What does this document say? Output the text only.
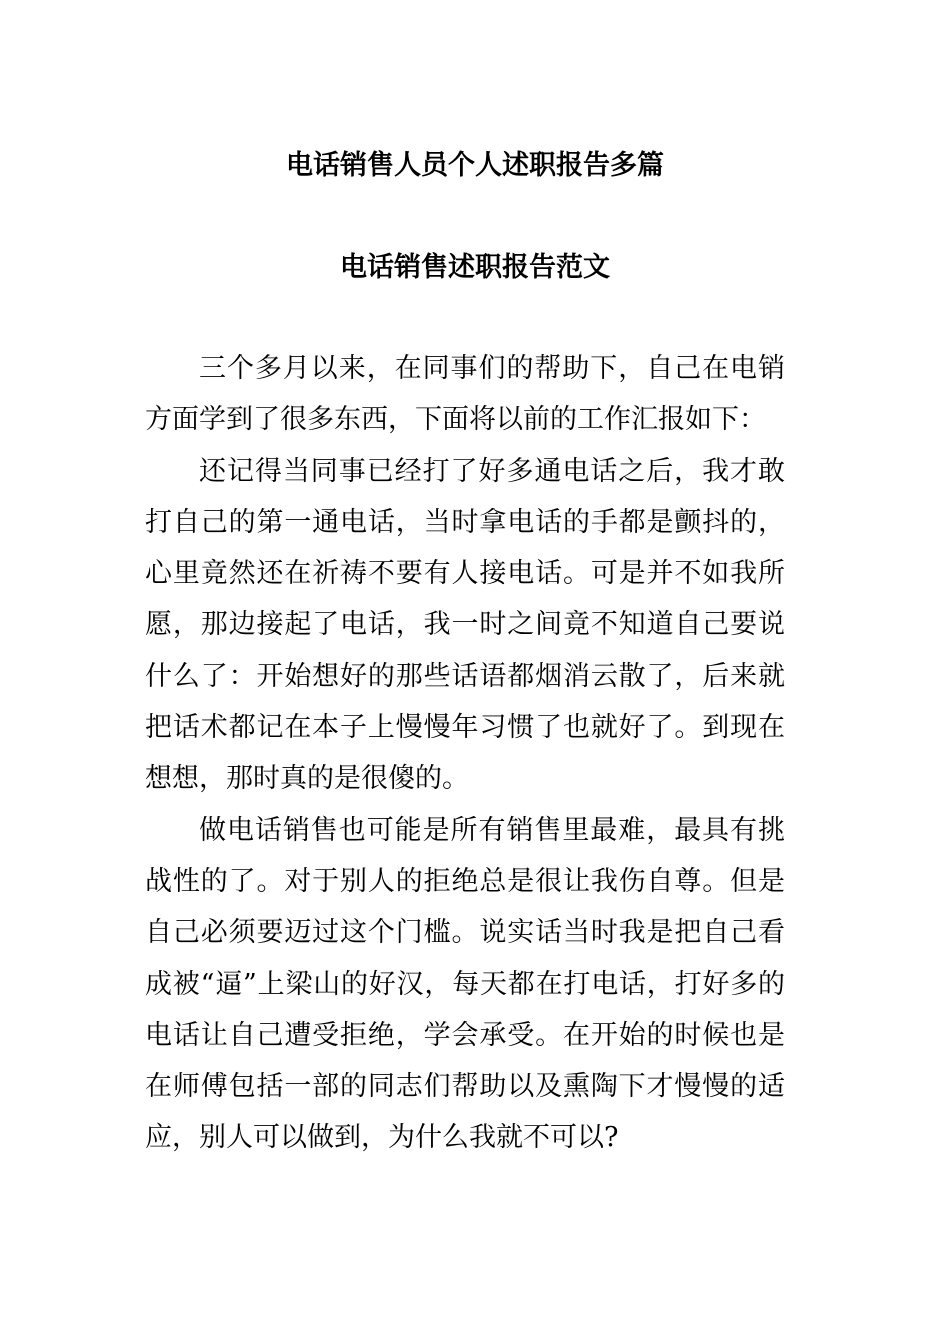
电话销售人员个人述职报告多篇
电话销售述职报告范文

三个多月以来，在同事们的帮助下，自己在电销方面学到了很多东西，下面将以前的工作汇报如下：

还记得当同事已经打了好多通电话之后，我才敢打自己的第一通电话，当时拿电话的手都是颤抖的，心里竟然还在祈祷不要有人接电话。可是并不如我所愿，那边接起了电话，我一时之间竟不知道自己要说什么了：开始想好的那些话语都烟消云散了，后来就把话术都记在本子上慢慢年习惯了也就好了。到现在想想，那时真的是很傻的。

做电话销售也可能是所有销售里最难，最具有挑战性的了。对于别人的拒绝总是很让我伤自尊。但是自己必须要迈过这个门槛。说实话当时我是把自己看成被“逼”上梁山的好汉，每天都在打电话，打好多的电话让自己遭受拒绝，学会承受。在开始的时候也是在师傅包括一部的同志们帮助以及熏陶下才慢慢的适应，别人可以做到，为什么我就不可以?
